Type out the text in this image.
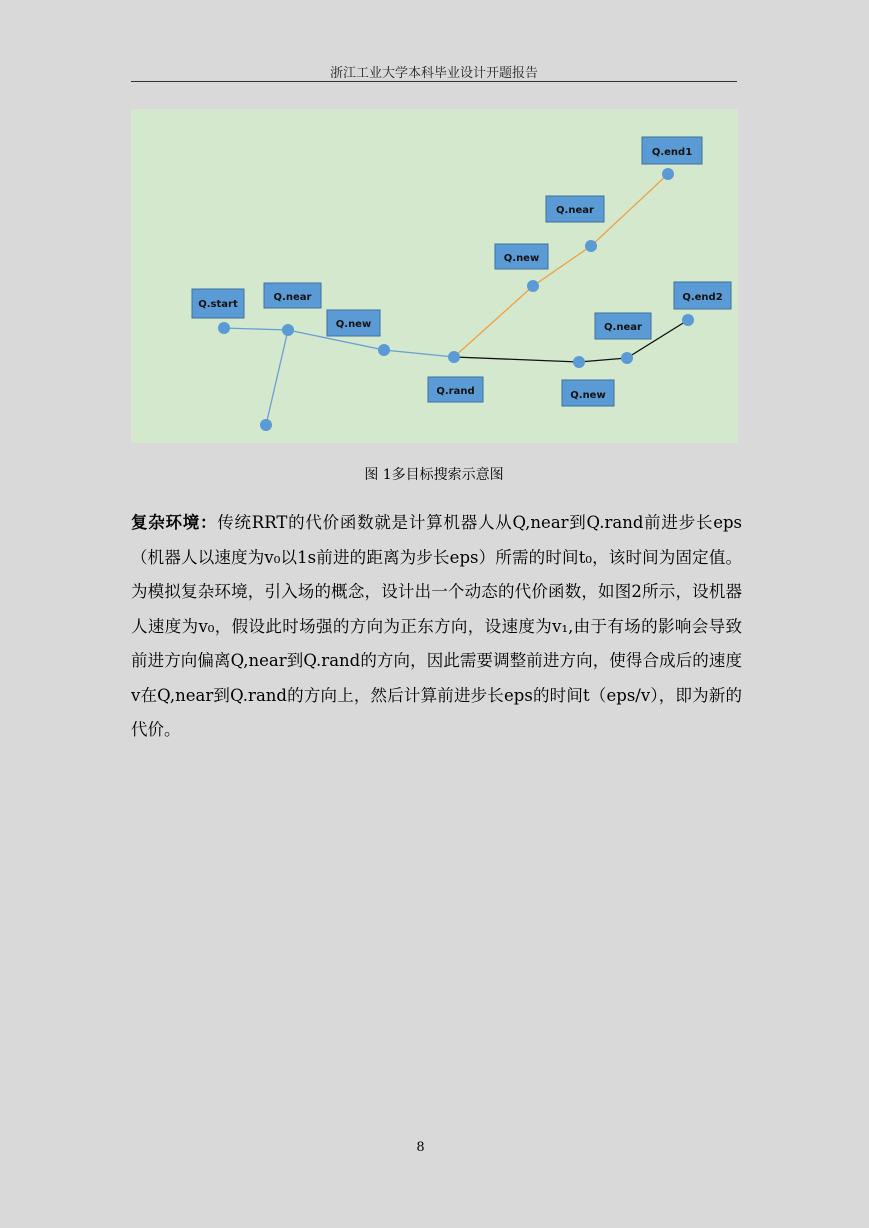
浙江工业大学本科毕业设计开题报告
Q.start
Q.near
Q.new
Q.rand
Q.new
Q.near
Q.end1
Q.near
Q.new
Q.end2
图 1多目标搜索示意图
复杂环境：传统RRT的代价函数就是计算机器人从Q,near到Q.rand前进步长eps（机器人以速度为v₀以1s前进的距离为步长eps）所需的时间t₀，该时间为固定值。为模拟复杂环境，引入场的概念，设计出一个动态的代价函数，如图2所示，设机器人速度为v₀，假设此时场强的方向为正东方向，设速度为v₁,由于有场的影响会导致前进方向偏离Q,near到Q.rand的方向，因此需要调整前进方向，使得合成后的速度v在Q,near到Q.rand的方向上，然后计算前进步长eps的时间t（eps/v），即为新的代价。
8
